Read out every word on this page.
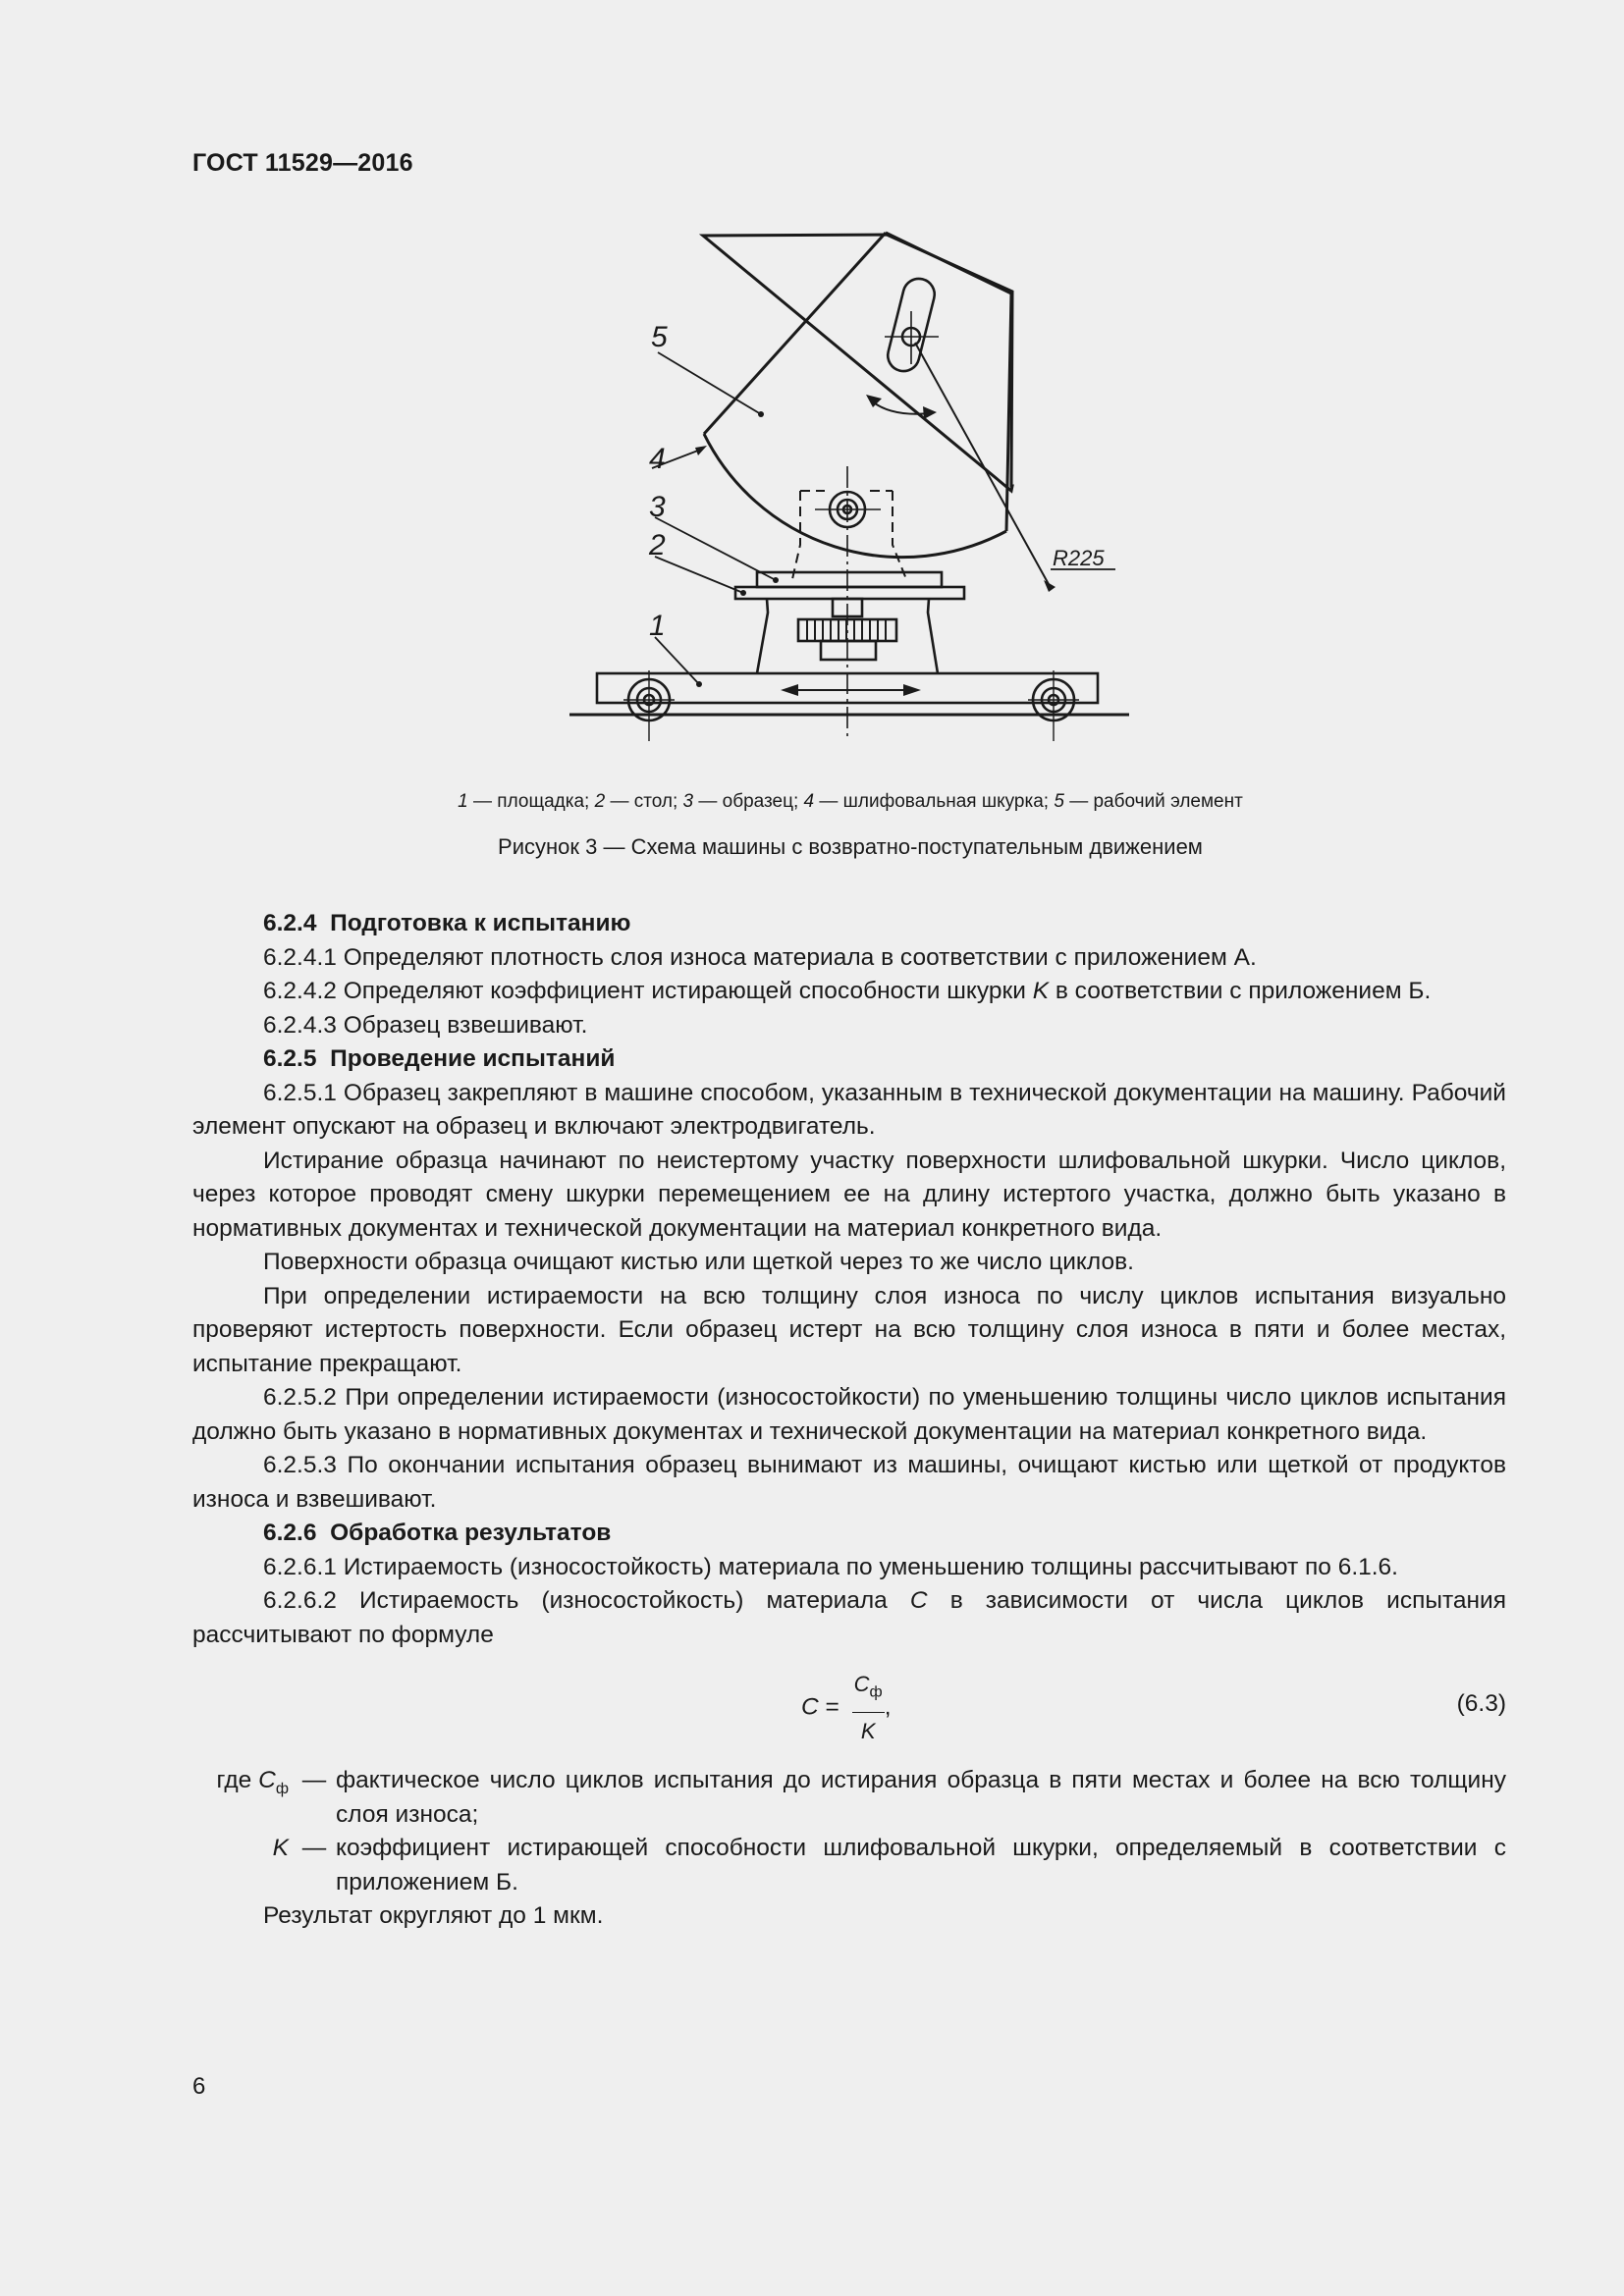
ГОСТ 11529—2016
5
4
3
2
1
R225
1 — площадка; 2 — стол; 3 — образец; 4 — шлифовальная шкурка; 5 — рабочий элемент
Рисунок 3 — Схема машины с возвратно-поступательным движением

6.2.4 Подготовка к испытанию

6.2.4.1 Определяют плотность слоя износа материала в соответствии с приложением А.

6.2.4.2 Определяют коэффициент истирающей способности шкурки K в соответствии с приложением Б.

6.2.4.3 Образец взвешивают.

6.2.5 Проведение испытаний

6.2.5.1 Образец закрепляют в машине способом, указанным в технической документации на машину. Рабочий элемент опускают на образец и включают электродвигатель.

Истирание образца начинают по неистертому участку поверхности шлифовальной шкурки. Число циклов, через которое проводят смену шкурки перемещением ее на длину истертого участка, должно быть указано в нормативных документах и технической документации на материал конкретного вида.

Поверхности образца очищают кистью или щеткой через то же число циклов.

При определении истираемости на всю толщину слоя износа по числу циклов испытания визуально проверяют истертость поверхности. Если образец истерт на всю толщину слоя износа в пяти и более местах, испытание прекращают.

6.2.5.2 При определении истираемости (износостойкости) по уменьшению толщины число циклов испытания должно быть указано в нормативных документах и технической документации на материал конкретного вида.

6.2.5.3 По окончании испытания образец вынимают из машины, очищают кистью или щеткой от продуктов износа и взвешивают.

6.2.6 Обработка результатов

6.2.6.1 Истираемость (износостойкость) материала по уменьшению толщины рассчитывают по 6.1.6.

6.2.6.2 Истираемость (износостойкость) материала C в зависимости от числа циклов испытания рассчитывают по формуле

$C = \frac{C_ф}{K}$ ,	(6.3)
где $C_ф$ — фактическое число циклов испытания до истирания образца в пяти местах и более на всю толщину слоя износа;
K — коэффициент истирающей способности шлифовальной шкурки, определяемый в соответствии с приложением Б.

Результат округляют до 1 мкм.

6
